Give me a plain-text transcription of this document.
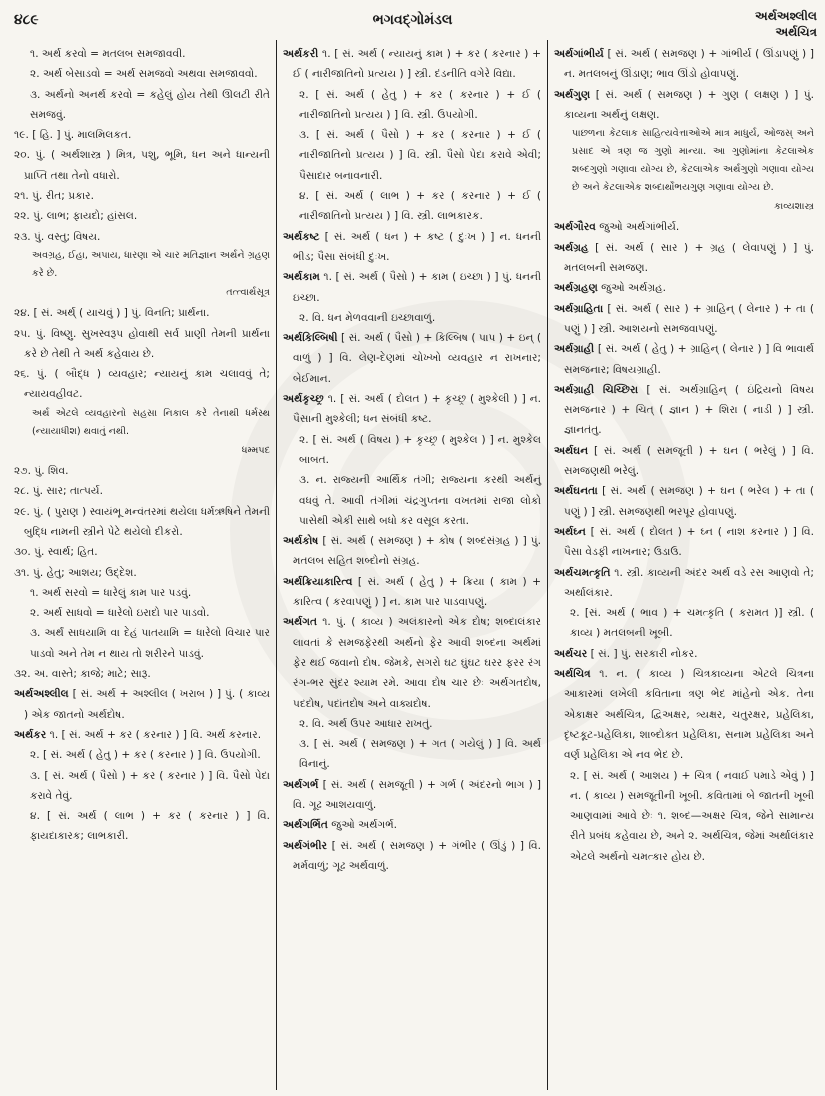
૪૮૯	ભગવદ્ગોમંડલ	અર્થઅશ્લીલ
અર્થચિત્ર
૧. અર્થ કરવો = મતલબ સમજાવવી.
૨. અર્થ બેસાડવો = અર્થ સમજવો અથવા સમજાવવો.
૩. અર્થનો અનર્થ કરવો = કહેલું હોય તેથી ઊલટી રીતે સમજવું.
૧૯. [ હિ. ] પું. માલમિલકત.
૨૦. પું. ( અર્થશાસ્ત્ર ) મિત્ર, પશુ, ભૂમિ, ધન અને ધાન્યની પ્રાપ્તિ તથા તેનો વધારો.
૨૧. પું. રીત; પ્રકાર.
૨૨. પું. લાભ; ફાયદો; હાંસલ.
૨૩. પું. વસ્તુ; વિષય.
અવગ્રહ, ઈહા, અપાય, ધારણા એ ચાર મતિજ્ઞાન અર્થને ગ્રહણ કરે છે.
તત્ત્વાર્થસૂત્ર
૨૪. [ સં. અર્થ્ ( યાચવું ) ] પું. વિનતિ; પ્રાર્થના.
૨૫. પું. વિષ્ણુ. સુખસ્વરૂપ હોવાથી સર્વ પ્રાણી તેમની પ્રાર્થના કરે છે તેથી તે અર્થ કહેવાય છે.
૨૬. પું. ( બૌદ્ધ ) વ્યવહાર; ન્યાયનું કામ ચલાવવું તે; ન્યાયવહીવટ.
અર્થ એટલે વ્યવહારનો સહસા નિકાલ કરે તેનાથી ધર્મસ્થ (ન્યાયાધીશ) થવાતું નથી.
ધમ્મપદ
૨૭. પું. શિવ.
૨૮. પું. સાર; તાત્પર્ય.
૨૯. પું. ( પુરાણ ) સ્વાયંભૂ મન્વંતરમાં થયેલા ધર્મઋષિને તેમની બુદ્ધિ નામની સ્ત્રીને પેટે થયેલો દીકરો.
૩૦. પું. સ્વાર્થ; હિત.
૩૧. પું. હેતુ; આશય; ઉદ્દેશ.
૧. અર્થ સરવો = ધારેલું કામ પાર પડવું.
૨. અર્થ સાધવો = ધારેલો ઇરાદો પાર પાડવો.
૩. અર્થં સાધયામિ વા દેહં પાતયામિ = ધારેલો વિચાર પાર પાડવો અને તેમ ન થાય તો શરીરને પાડવું.
૩૨. અ. વાસ્તે; કાજે; માટે; સારૂ.
અર્થઅશ્લીલ [ સં. અર્થ + અશ્લીલ ( ખરાબ ) ] પું. ( કાવ્ય ) એક જાતનો અર્થદોષ.
અર્થકર ૧. [ સં. અર્થ + કર ( કરનાર ) ] વિ. અર્થ કરનાર.
૨. [ સં. અર્થ ( હેતુ ) + કર ( કરનાર ) ] વિ. ઉપયોગી.
૩. [ સં. અર્થ ( પૈસો ) + કર ( કરનાર ) ] વિ. પૈસો પેદા કરાવે તેવું.
૪. [ સં. અર્થ ( લાભ ) + કર ( કરનાર ) ] વિ. ફાયદાકારક; લાભકારી.
અર્થકરી ૧. [ સં. અર્થ ( ન્યાયનું કામ ) + કર ( કરનાર ) + ઈ ( નારીજાતિનો પ્રત્યય ) ] સ્ત્રી. દંડનીતિ વગેરે વિદ્યા.
૨. [ સં. અર્થ ( હેતુ ) + કર ( કરનાર ) + ઈ ( નારીજાતિનો પ્રત્યય ) ] વિ. સ્ત્રી. ઉપયોગી.
૩. [ સં. અર્થ ( પૈસો ) + કર ( કરનાર ) + ઈ ( નારીજાતિનો પ્રત્યય ) ] વિ. સ્ત્રી. પૈસો પેદા કરાવે એવી; પૈસાદાર બનાવનારી.
૪. [ સં. અર્થ ( લાભ ) + કર ( કરનાર ) + ઈ ( નારીજાતિનો પ્રત્યય ) ] વિ. સ્ત્રી. લાભકારક.
અર્થકષ્ટ [ સં. અર્થ ( ધન ) + કષ્ટ ( દુઃખ ) ] ન. ધનની ભીડ; પૈસા સંબંધી દુઃખ.
અર્થકામ ૧. [ સં. અર્થ ( પૈસો ) + કામ ( ઇચ્છા ) ] પું. ધનની ઇચ્છા.
૨. વિ. ધન મેળવવાની ઇચ્છાવાળું.
અર્થકિલ્બિષી [ સં. અર્થ ( પૈસો ) + કિલ્બિષ ( પાપ ) + ઇન્ ( વાળું ) ] વિ. લેણ-દેણમાં ચોખ્ખો વ્યવહાર ન રાખનાર; બેઈમાન.
અર્થકૃચ્છ્ર ૧. [ સં. અર્થ ( દોલત ) + કૃચ્છ્ર ( મુશ્કેલી ) ] ન. પૈસાની મુશ્કેલી; ધન સંબંધી કષ્ટ.
૨. [ સં. અર્થ ( વિષય ) + કૃચ્છ્ર ( મુશ્કેલ ) ] ન. મુશ્કેલ બાબત.
૩. ન. રાજ્યની આર્થિક તંગી; રાજ્યના કરથી અર્થનું વધવું તે. આવી તંગીમાં ચંદ્રગુપ્તના વખતમાં રાજા લોકો પાસેથી એકી સાથે બધો કર વસૂલ કરતા.
અર્થકોષ [ સં. અર્થ ( સમજણ ) + કોષ ( શબ્દસંગ્રહ ) ] પું. મતલબ સહિત શબ્દોનો સંગ્રહ.
અર્થક્રિયાકારિત્વ [ સં. અર્થ ( હેતુ ) + ક્રિયા ( કામ ) + કારિત્વ ( કરવાપણું ) ] ન. કામ પાર પાડવાપણું.
અર્થગત ૧. પું. ( કાવ્ય ) અલંકારનો એક દોષ; શબ્દાલંકાર લાવતાં કે સમજફેરથી અર્થનો ફેર આવી શબ્દના અર્થમાં ફેર થઈ જવાનો દોષ. જેમકે, સગરો ઘટ ઘુંઘટ ઘરર ફરર રંગ રંગ-ભર સુંદર શ્યામ રમે. આવા દોષ ચાર છેઃ અર્થગતદોષ, પદદોષ, પદાંતદોષ અને વાક્યદોષ.
૨. વિ. અર્થ ઉપર આધાર રાખતું.
૩. [ સં. અર્થ ( સમજણ ) + ગત ( ગયેલું ) ] વિ. અર્થ વિનાનું.
અર્થગર્ભ [ સં. અર્થ ( સમજૂતી ) + ગર્ભ ( અંદરનો ભાગ ) ] વિ. ગૂઢ આશયવાળું.
અર્થગર્ભિત જુઓ અર્થગર્ભ.
અર્થગંભીર [ સં. અર્થ ( સમજણ ) + ગંભીર ( ઊંડું ) ] વિ. મર્મવાળું; ગૂઢ અર્થવાળું.
અર્થગાંભીર્ય [ સં. અર્થ ( સમજણ ) + ગાંભીર્ય ( ઊંડાપણું ) ] ન. મતલબનું ઊંડાણ; ભાવ ઊંડો હોવાપણું.
અર્થગુણ [ સં. અર્થ ( સમજણ ) + ગુણ ( લક્ષણ ) ] પું. કાવ્યના અર્થનું લક્ષણ.
પાછળના કેટલાક સાહિત્યવેત્તાઓએ માત્ર માધુર્ય, ઓજસ્ અને પ્રસાદ એ ત્રણ જ ગુણો માન્યા. આ ગુણોમાંના કેટલાએક શબ્દગુણો ગણાવા યોગ્ય છે, કેટલાએક અર્થગુણો ગણાવા યોગ્ય છે અને કેટલાએક શબ્દાર્થોભયગુણ ગણાવા યોગ્ય છે.
કાવ્યશાસ્ત્ર
અર્થગૌરવ જુઓ અર્થગાંભીર્ય.
અર્થગ્રહ [ સં. અર્થ ( સાર ) + ગ્રહ ( લેવાપણું ) ] પું. મતલબની સમજણ.
અર્થગ્રહણ જુઓ અર્થગ્રહ.
અર્થગ્રાહિતા [ સં. અર્થ ( સાર ) + ગ્રાહિન્ ( લેનાર ) + તા ( પણું ) ] સ્ત્રી. આશયનો સમજવાપણું.
અર્થગ્રાહી [ સં. અર્થ ( હેતુ ) + ગ્રાહિન્ ( લેનાર ) ] વિ ભાવાર્થ સમજનાર; વિષયગ્રાહી.
અર્થગ્રાહી ચિચ્છિરા [ સં. અર્થગ્રાહિન્ ( ઇંદ્રિયનો વિષય સમજનાર ) + ચિત્ ( જ્ઞાન ) + શિરા ( નાડી ) ] સ્ત્રી. જ્ઞાનતંતુ.
અર્થઘન [ સં. અર્થ ( સમજૂતી ) + ઘન ( ભરેલું ) ] વિ. સમજણથી ભરેલું.
અર્થઘનતા [ સં. અર્થ ( સમજણ ) + ઘન ( ભરેલ ) + તા ( પણું ) ] સ્ત્રી. સમજણથી ભરપૂર હોવાપણું.
અર્થઘ્ન [ સં. અર્થ ( દોલત ) + ઘ્ન ( નાશ કરનાર ) ] વિ. પૈસા વેડફી નાખનાર; ઉડાઉ.
અર્થચમત્કૃતિ ૧. સ્ત્રી. કાવ્યની અંદર અર્થ વડે રસ આણવો તે; અર્થાલંકાર.
૨. [સં. અર્થ ( ભાવ ) + ચમત્કૃતિ ( કરામત )] સ્ત્રી. ( કાવ્ય ) મતલબની ખૂબી.
અર્થચર [ સં. ] પું. સરકારી નોકર.
અર્થચિત્ર ૧. ન. ( કાવ્ય ) ચિત્રકાવ્યના એટલે ચિત્રના આકારમાં લખેલી કવિતાના ત્રણ ભેદ માંહેનો એક. તેના એકાક્ષર અર્થચિત્ર, દ્વિઅક્ષર, ત્ર્યક્ષર, ચતુરક્ષર, પ્રહેલિકા, દૃષ્ટકૂટ-પ્રહેલિકા, શાબ્દોક્ત પ્રહેલિકા, સનામ પ્રહેલિકા અને વર્ણ પ્રહેલિકા એ નવ ભેદ છે.
૨. [ સં. અર્થ ( આશય ) + ચિત્ર ( નવાઈ પમાડે એવું ) ] ન. ( કાવ્ય ) સમજૂતીની ખૂબી. કવિતામાં બે જાતની ખૂબી આણવામાં આવે છેઃ ૧. શબ્દ—અક્ષર ચિત્ર, જેને સામાન્ય રીતે પ્રબંધ કહેવાય છે, અને ૨. અર્થચિત્ર, જેમાં અર્થાલંકાર એટલે અર્થનો ચમત્કાર હોય છે.
